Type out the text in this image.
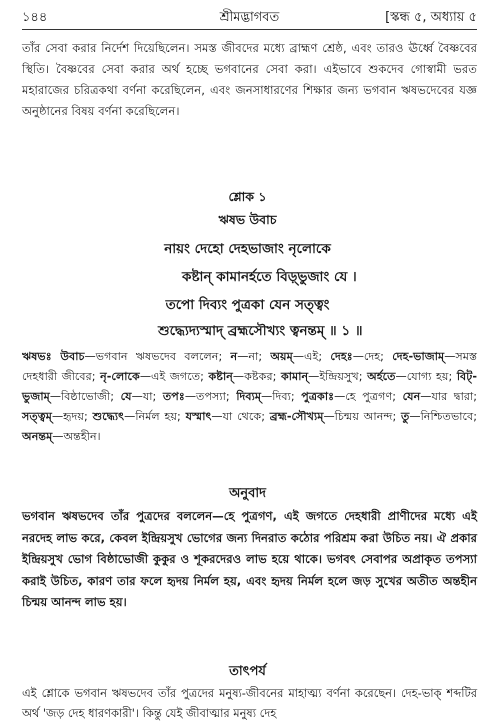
১৪৪	শ্রীমদ্ভাগবত	[স্কন্ধ ৫, অধ্যায় ৫
তাঁর সেবা করার নির্দেশ দিয়েছিলেন। সমস্ত জীবদের মধ্যে ব্রাহ্মণ শ্রেষ্ঠ, এবং তারও ঊর্ধ্বে বৈষ্ণবের স্থিতি। বৈষ্ণবের সেবা করার অর্থ হচ্ছে ভগবানের সেবা করা। এইভাবে শুকদেব গোস্বামী ভরত মহারাজের চরিত্রকথা বর্ণনা করেছিলেন, এবং জনসাধারণের শিক্ষার জন্য ভগবান ঋষভদেবের যজ্ঞ অনুষ্ঠানের বিষয় বর্ণনা করেছিলেন।
শ্লোক ১
ঋষভ উবাচ
নায়ং দেহো দেহভাজাং নৃলোকে
কষ্টান্ কামানর্হতে বিড়্ভুজাং যে ।
তপো দিব্যং পুত্রকা যেন সত্ত্বং
শুদ্ধ্যেদ্যস্মাদ্ ব্রহ্মসৌখ্যং ত্বনন্তম্ ॥ ১ ॥
ঋষভঃ উবাচ—ভগবান ঋষভদেব বললেন; ন—না; অয়ম্—এই; দেহঃ—দেহ; দেহ-ভাজাম্—সমস্ত দেহধারী জীবের; নৃ-লোকে—এই জগতে; কষ্টান্—কষ্টকর; কামান্—ইন্দ্রিয়সুখ; অর্হতে—যোগ্য হয়; বিট্-ভুজাম্—বিষ্ঠাভোজী; যে—যা; তপঃ—তপস্যা; দিব্যম্—দিব্য; পুত্রকাঃ—হে পুত্রগণ; যেন—যার দ্বারা; সত্ত্বম্—হৃদয়; শুদ্ধ্যেৎ—নির্মল হয়; যস্মাৎ—যা থেকে; ব্রহ্ম-সৌখ্যম্—চিন্ময় আনন্দ; তু—নিশ্চিতভাবে; অনন্তম্—অন্তহীন।
অনুবাদ
ভগবান ঋষভদেব তাঁর পুত্রদের বললেন—হে পুত্রগণ, এই জগতে দেহধারী প্রাণীদের মধ্যে এই নরদেহ লাভ করে, কেবল ইন্দ্রিয়সুখ ভোগের জন্য দিনরাত কঠোর পরিশ্রম করা উচিত নয়। ঐ প্রকার ইন্দ্রিয়সুখ ভোগ বিষ্ঠাভোজী কুকুর ও শূকরদেরও লাভ হয়ে থাকে। ভগবৎ সেবাপর অপ্রাকৃত তপস্যা করাই উচিত, কারণ তার ফলে হৃদয় নির্মল হয়, এবং হৃদয় নির্মল হলে জড় সুখের অতীত অন্তহীন চিন্ময় আনন্দ লাভ হয়।
তাৎপর্য
এই শ্লোকে ভগবান ঋষভদেব তাঁর পুত্রদের মনুষ্য-জীবনের মাহাত্ম্য বর্ণনা করেছেন। দেহ-ভাক্ শব্দটির অর্থ 'জড় দেহ ধারণকারী'। কিন্তু যেই জীবাত্মার মনুষ্য দেহ
